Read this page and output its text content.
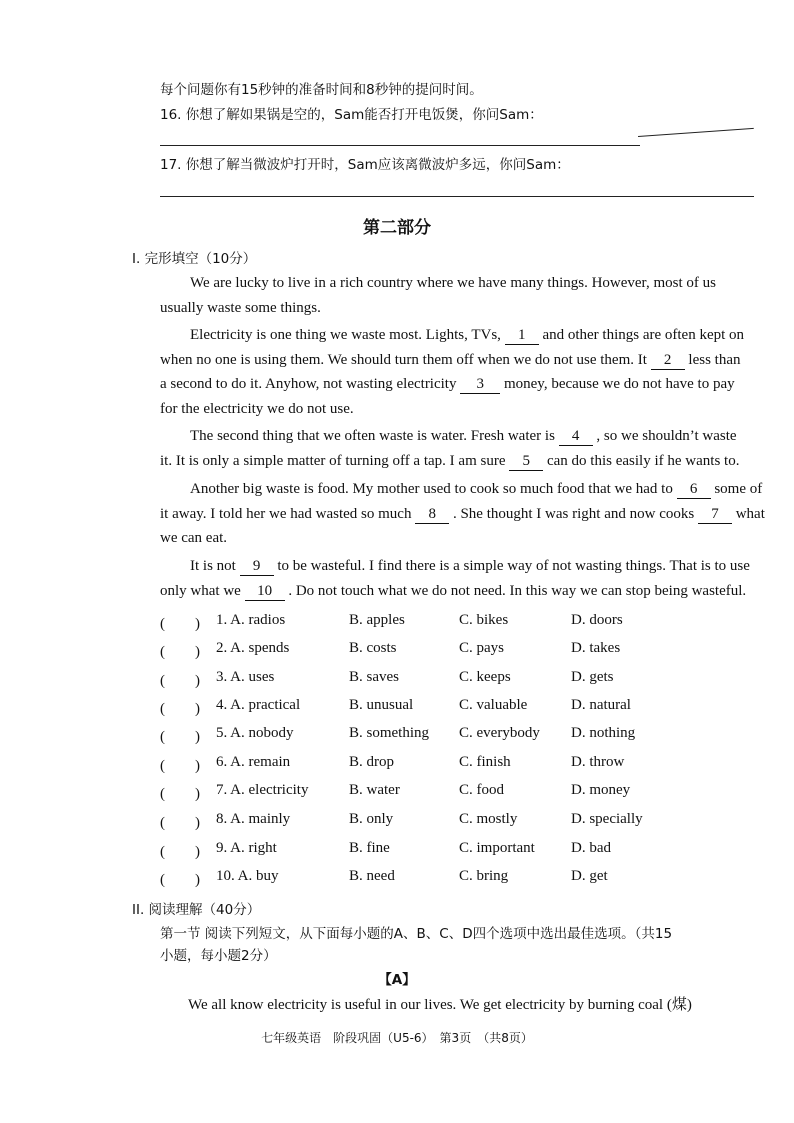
每个问题你有15秒钟的准备时间和8秒钟的提问时间。
16. 你想了解如果锅是空的，Sam能否打开电饭煲，你问Sam：
17. 你想了解当微波炉打开时，Sam应该离微波炉多远，你问Sam：
第二部分
I. 完形填空（10分）
We are lucky to live in a rich country where we have many things. However, most of us
usually waste some things.
Electricity is one thing we waste most. Lights, TVs, 1 and other things are often kept on
when no one is using them. We should turn them off when we do not use them. It 2 less than
a second to do it. Anyhow, not wasting electricity 3 money, because we do not have to pay
for the electricity we do not use.
The second thing that we often waste is water. Fresh water is 4 , so we shouldn’t waste
it. It is only a simple matter of turning off a tap. I am sure 5 can do this easily if he wants to.
Another big waste is food. My mother used to cook so much food that we had to 6 some of
it away. I told her we had wasted so much 8 . She thought I was right and now cooks 7 what
we can eat.
It is not 9 to be wasteful. I find there is a simple way of not wasting things. That is to use
only what we 10 . Do not touch what we do not need. In this way we can stop being wasteful.
(　　) 1. A. radios	B. apples	C. bikes	D. doors
(　　) 2. A. spends	B. costs	C. pays	D. takes
(　　) 3. A. uses	B. saves	C. keeps	D. gets
(　　) 4. A. practical	B. unusual	C. valuable	D. natural
(　　) 5. A. nobody	B. something C. everybody D. nothing
(　　) 6. A. remain	B. drop	C. finish	D. throw
(　　) 7. A. electricity	B. water	C. food	D. money
(　　) 8. A. mainly	B. only	C. mostly	D. specially
(　　) 9. A. right	B. fine	C. important D. bad
(　　) 10. A. buy	B. need	C. bring	D. get
II. 阅读理解（40分）
第一节 阅读下列短文，从下面每小题的A、B、C、D四个选项中选出最佳选项。（共15
小题，每小题2分）
【A】
We all know electricity is useful in our lives. We get electricity by burning coal (煤)
七年级英语　阶段巩固（U5-6）　第3页　（共8页）
